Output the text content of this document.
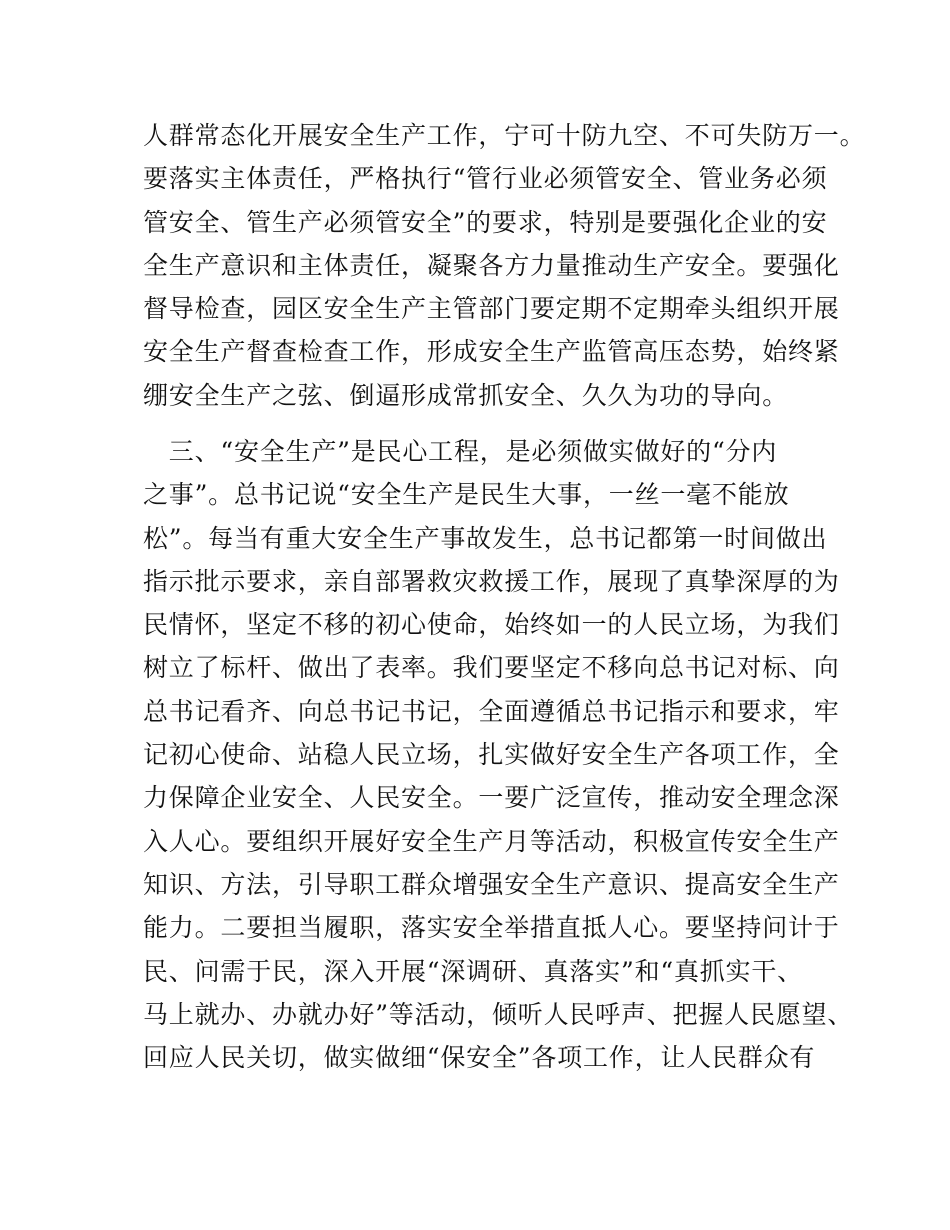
人群常态化开展安全生产工作，宁可十防九空、不可失防万一。
要落实主体责任，严格执行“管行业必须管安全、管业务必须
管安全、管生产必须管安全”的要求，特别是要强化企业的安
全生产意识和主体责任，凝聚各方力量推动生产安全。要强化
督导检查，园区安全生产主管部门要定期不定期牵头组织开展
安全生产督查检查工作，形成安全生产监管高压态势，始终紧
绷安全生产之弦、倒逼形成常抓安全、久久为功的导向。
　三、“安全生产”是民心工程，是必须做实做好的“分内
之事”。总书记说“安全生产是民生大事，一丝一毫不能放
松”。每当有重大安全生产事故发生，总书记都第一时间做出
指示批示要求，亲自部署救灾救援工作，展现了真挚深厚的为
民情怀，坚定不移的初心使命，始终如一的人民立场，为我们
树立了标杆、做出了表率。我们要坚定不移向总书记对标、向
总书记看齐、向总书记书记，全面遵循总书记指示和要求，牢
记初心使命、站稳人民立场，扎实做好安全生产各项工作，全
力保障企业安全、人民安全。一要广泛宣传，推动安全理念深
入人心。要组织开展好安全生产月等活动，积极宣传安全生产
知识、方法，引导职工群众增强安全生产意识、提高安全生产
能力。二要担当履职，落实安全举措直抵人心。要坚持问计于
民、问需于民，深入开展“深调研、真落实”和“真抓实干、
马上就办、办就办好”等活动，倾听人民呼声、把握人民愿望、
回应人民关切，做实做细“保安全”各项工作，让人民群众有
